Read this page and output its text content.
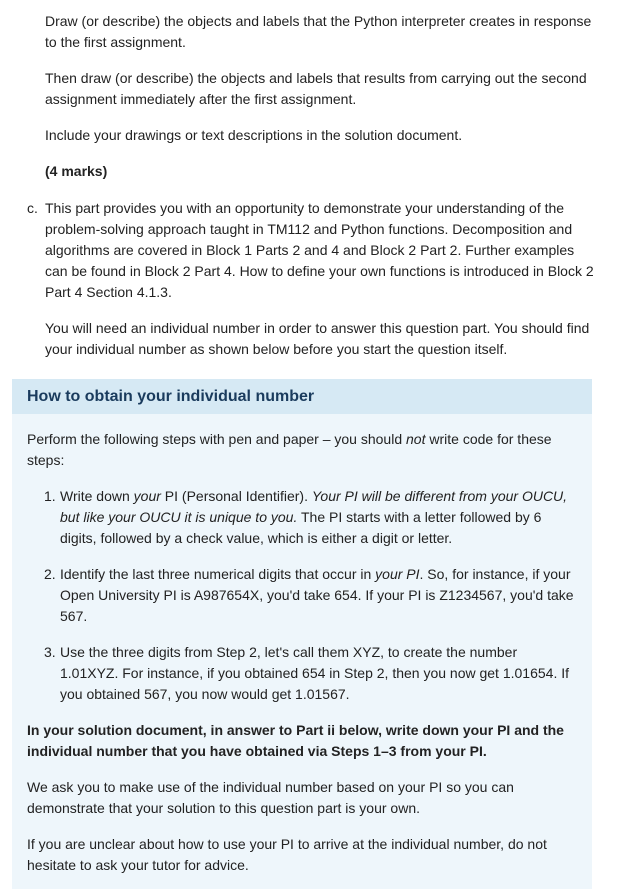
Draw (or describe) the objects and labels that the Python interpreter creates in response to the first assignment.

Then draw (or describe) the objects and labels that results from carrying out the second assignment immediately after the first assignment.

Include your drawings or text descriptions in the solution document.

(4 marks)

c. This part provides you with an opportunity to demonstrate your understanding of the problem-solving approach taught in TM112 and Python functions. Decomposition and algorithms are covered in Block 1 Parts 2 and 4 and Block 2 Part 2. Further examples can be found in Block 2 Part 4. How to define your own functions is introduced in Block 2 Part 4 Section 4.1.3.

You will need an individual number in order to answer this question part. You should find your individual number as shown below before you start the question itself.

How to obtain your individual number

Perform the following steps with pen and paper – you should not write code for these steps:

1. Write down your PI (Personal Identifier). Your PI will be different from your OUCU, but like your OUCU it is unique to you. The PI starts with a letter followed by 6 digits, followed by a check value, which is either a digit or letter.
2. Identify the last three numerical digits that occur in your PI. So, for instance, if your Open University PI is A987654X, you'd take 654. If your PI is Z1234567, you'd take 567.
3. Use the three digits from Step 2, let's call them XYZ, to create the number 1.01XYZ. For instance, if you obtained 654 in Step 2, then you now get 1.01654. If you obtained 567, you now would get 1.01567.

In your solution document, in answer to Part ii below, write down your PI and the individual number that you have obtained via Steps 1–3 from your PI.

We ask you to make use of the individual number based on your PI so you can demonstrate that your solution to this question part is your own.

If you are unclear about how to use your PI to arrive at the individual number, do not hesitate to ask your tutor for advice.
